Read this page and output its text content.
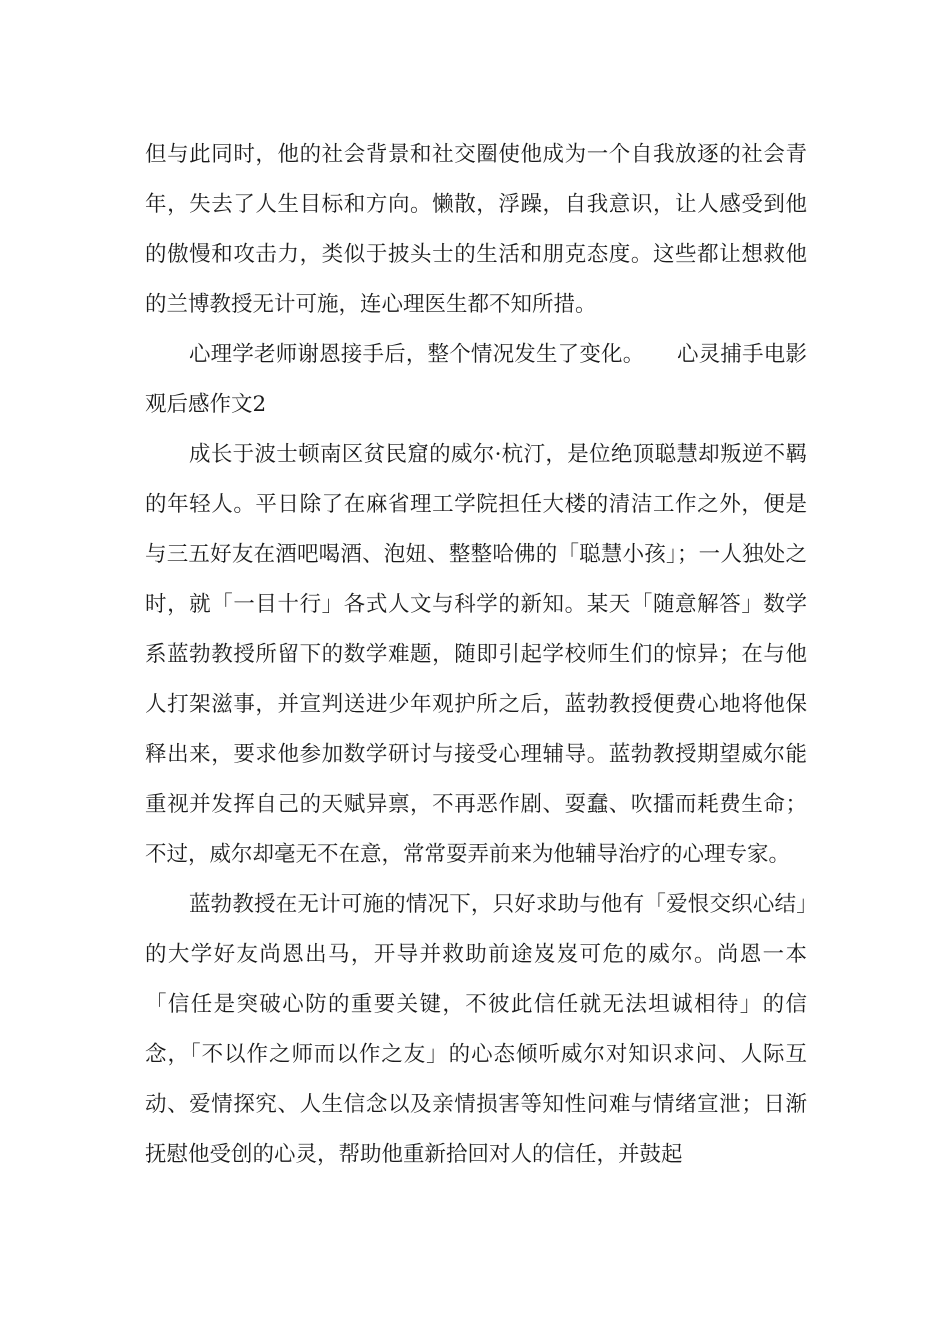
但与此同时，他的社会背景和社交圈使他成为一个自我放逐的社会青年，失去了人生目标和方向。懒散，浮躁，自我意识，让人感受到他的傲慢和攻击力，类似于披头士的生活和朋克态度。这些都让想救他的兰博教授无计可施，连心理医生都不知所措。

心理学老师谢恩接手后，整个情况发生了变化。　　心灵捕手电影观后感作文2

成长于波士顿南区贫民窟的威尔·杭汀，是位绝顶聪慧却叛逆不羁的年轻人。平日除了在麻省理工学院担任大楼的清洁工作之外，便是与三五好友在酒吧喝酒、泡妞、整整哈佛的「聪慧小孩」；一人独处之时，就「一目十行」各式人文与科学的新知。某天「随意解答」数学系蓝勃教授所留下的数学难题，随即引起学校师生们的惊异；在与他人打架滋事，并宣判送进少年观护所之后，蓝勃教授便费心地将他保释出来，要求他参加数学研讨与接受心理辅导。蓝勃教授期望威尔能重视并发挥自己的天赋异禀，不再恶作剧、耍蠢、吹擂而耗费生命；不过，威尔却毫无不在意，常常耍弄前来为他辅导治疗的心理专家。

蓝勃教授在无计可施的情况下，只好求助与他有「爱恨交织心结」的大学好友尚恩出马，开导并救助前途岌岌可危的威尔。尚恩一本「信任是突破心防的重要关键，不彼此信任就无法坦诚相待」的信念，「不以作之师而以作之友」的心态倾听威尔对知识求问、人际互动、爱情探究、人生信念以及亲情损害等知性问难与情绪宣泄；日渐抚慰他受创的心灵，帮助他重新拾回对人的信任，并鼓起
